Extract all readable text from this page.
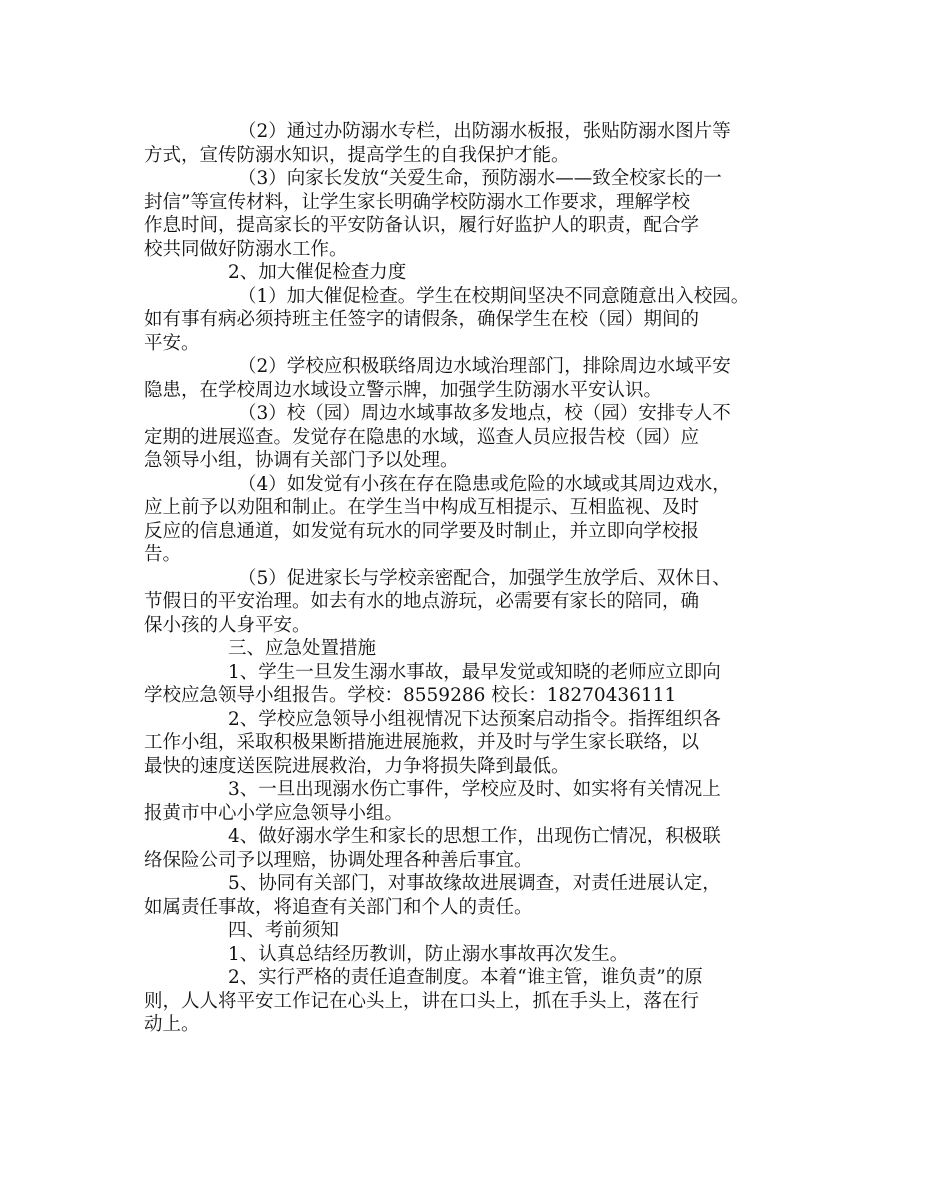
（2）通过办防溺水专栏，出防溺水板报，张贴防溺水图片等
方式，宣传防溺水知识，提高学生的自我保护才能。
（3）向家长发放“关爱生命，预防溺水——致全校家长的一
封信”等宣传材料，让学生家长明确学校防溺水工作要求，理解学校
作息时间，提高家长的平安防备认识，履行好监护人的职责，配合学
校共同做好防溺水工作。
2、加大催促检查力度
（1）加大催促检查。学生在校期间坚决不同意随意出入校园。
如有事有病必须持班主任签字的请假条，确保学生在校（园）期间的
平安。
（2）学校应积极联络周边水域治理部门，排除周边水域平安
隐患，在学校周边水域设立警示牌，加强学生防溺水平安认识。
（3）校（园）周边水域事故多发地点，校（园）安排专人不
定期的进展巡查。发觉存在隐患的水域，巡查人员应报告校（园）应
急领导小组，协调有关部门予以处理。
（4）如发觉有小孩在存在隐患或危险的水域或其周边戏水，
应上前予以劝阻和制止。在学生当中构成互相提示、互相监视、及时
反应的信息通道，如发觉有玩水的同学要及时制止，并立即向学校报
告。
（5）促进家长与学校亲密配合，加强学生放学后、双休日、
节假日的平安治理。如去有水的地点游玩，必需要有家长的陪同，确
保小孩的人身平安。
三、应急处置措施
1、学生一旦发生溺水事故，最早发觉或知晓的老师应立即向
学校应急领导小组报告。学校：8559286 校长：18270436111
2、学校应急领导小组视情况下达预案启动指令。指挥组织各
工作小组，采取积极果断措施进展施救，并及时与学生家长联络，以
最快的速度送医院进展救治，力争将损失降到最低。
3、一旦出现溺水伤亡事件，学校应及时、如实将有关情况上
报黄市中心小学应急领导小组。
4、做好溺水学生和家长的思想工作，出现伤亡情况，积极联
络保险公司予以理赔，协调处理各种善后事宜。
5、协同有关部门，对事故缘故进展调查，对责任进展认定，
如属责任事故，将追查有关部门和个人的责任。
四、考前须知
1、认真总结经历教训，防止溺水事故再次发生。
2、实行严格的责任追查制度。本着“谁主管，谁负责”的原
则，人人将平安工作记在心头上，讲在口头上，抓在手头上，落在行
动上。
